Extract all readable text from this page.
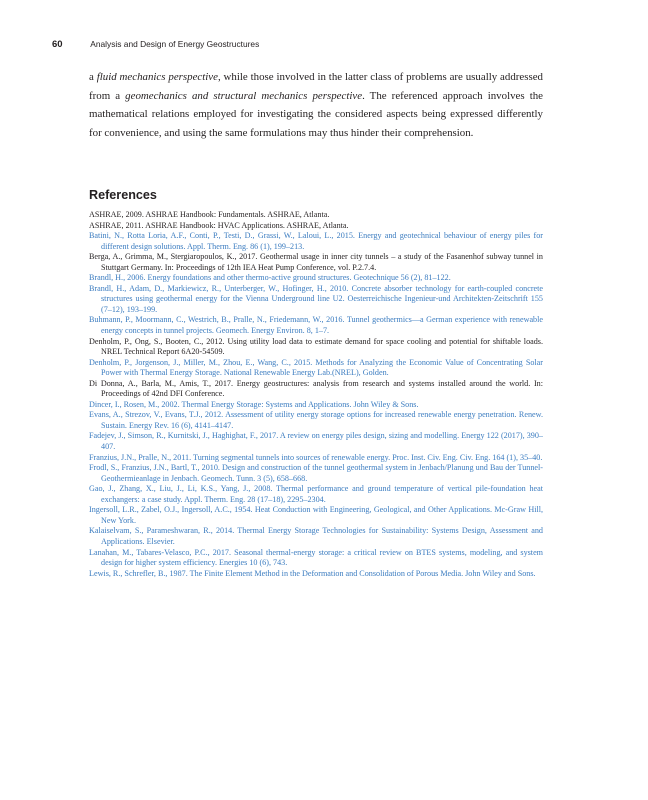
60	Analysis and Design of Energy Geostructures

a fluid mechanics perspective, while those involved in the latter class of problems are usually addressed from a geomechanics and structural mechanics perspective. The referenced approach involves the mathematical relations employed for investigating the considered aspects being expressed differently for convenience, and using the same formulations may thus hinder their comprehension.

References
ASHRAE, 2009. ASHRAE Handbook: Fundamentals. ASHRAE, Atlanta.
ASHRAE, 2011. ASHRAE Handbook: HVAC Applications. ASHRAE, Atlanta.
Batini, N., Rotta Loria, A.F., Conti, P., Testi, D., Grassi, W., Laloui, L., 2015. Energy and geotechnical behaviour of energy piles for different design solutions. Appl. Therm. Eng. 86 (1), 199–213.
Berga, A., Grimma, M., Stergiaropoulos, K., 2017. Geothermal usage in inner city tunnels – a study of the Fasanenhof subway tunnel in Stuttgart Germany. In: Proceedings of 12th IEA Heat Pump Conference, vol. P.2.7.4.
Brandl, H., 2006. Energy foundations and other thermo-active ground structures. Geotechnique 56 (2), 81–122.
Brandl, H., Adam, D., Markiewicz, R., Unterberger, W., Hofinger, H., 2010. Concrete absorber technology for earth-coupled concrete structures using geothermal energy for the Vienna Underground line U2. Oesterreichische Ingenieur-und Architekten-Zeitschrift 155 (7–12), 193–199.
Buhmann, P., Moormann, C., Westrich, B., Pralle, N., Friedemann, W., 2016. Tunnel geothermics—a German experience with renewable energy concepts in tunnel projects. Geomech. Energy Environ. 8, 1–7.
Denholm, P., Ong, S., Booten, C., 2012. Using utility load data to estimate demand for space cooling and potential for shiftable loads. NREL Technical Report 6A20-54509.
Denholm, P., Jorgenson, J., Miller, M., Zhou, E., Wang, C., 2015. Methods for Analyzing the Economic Value of Concentrating Solar Power with Thermal Energy Storage. National Renewable Energy Lab.(NREL), Golden.
Di Donna, A., Barla, M., Amis, T., 2017. Energy geostructures: analysis from research and systems installed around the world. In: Proceedings of 42nd DFI Conference.
Dincer, I., Rosen, M., 2002. Thermal Energy Storage: Systems and Applications. John Wiley & Sons.
Evans, A., Strezov, V., Evans, T.J., 2012. Assessment of utility energy storage options for increased renewable energy penetration. Renew. Sustain. Energy Rev. 16 (6), 4141–4147.
Fadejev, J., Simson, R., Kurnitski, J., Haghighat, F., 2017. A review on energy piles design, sizing and modelling. Energy 122 (2017), 390–407.
Franzius, J.N., Pralle, N., 2011. Turning segmental tunnels into sources of renewable energy. Proc. Inst. Civ. Eng. Civ. Eng. 164 (1), 35–40.
Frodl, S., Franzius, J.N., Bartl, T., 2010. Design and construction of the tunnel geothermal system in Jenbach/Planung und Bau der Tunnel-Geothermieanlage in Jenbach. Geomech. Tunn. 3 (5), 658–668.
Gao, J., Zhang, X., Liu, J., Li, K.S., Yang, J., 2008. Thermal performance and ground temperature of vertical pile-foundation heat exchangers: a case study. Appl. Therm. Eng. 28 (17–18), 2295–2304.
Ingersoll, L.R., Zabel, O.J., Ingersoll, A.C., 1954. Heat Conduction with Engineering, Geological, and Other Applications. Mc-Graw Hill, New York.
Kalaiselvam, S., Parameshwaran, R., 2014. Thermal Energy Storage Technologies for Sustainability: Systems Design, Assessment and Applications. Elsevier.
Lanahan, M., Tabares-Velasco, P.C., 2017. Seasonal thermal-energy storage: a critical review on BTES systems, modeling, and system design for higher system efficiency. Energies 10 (6), 743.
Lewis, R., Schrefler, B., 1987. The Finite Element Method in the Deformation and Consolidation of Porous Media. John Wiley and Sons.
